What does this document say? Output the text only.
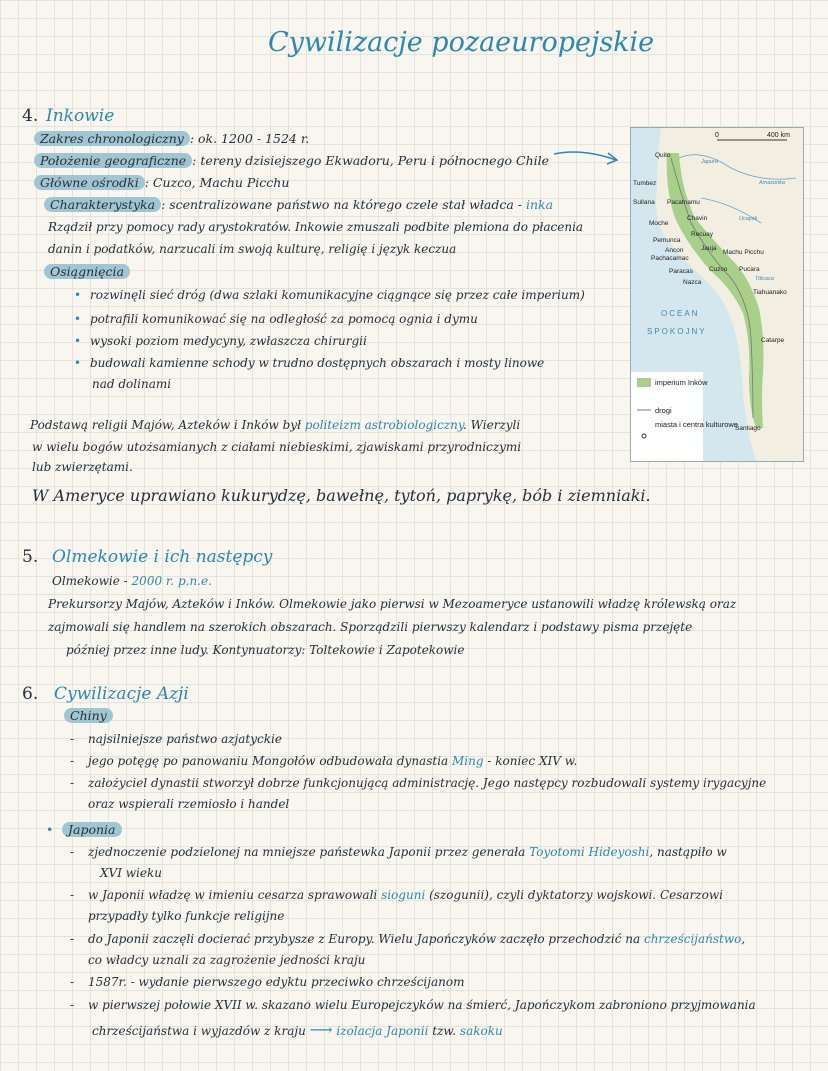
Cywilizacje pozaeuropejskie
4. Inkowie
Zakres chronologiczny : ok. 1200 - 1524 r.
Położenie geograficzne : tereny dzisiejszego Ekwadoru, Peru i północnego Chile
Główne ośrodki : Cuzco, Machu Picchu
Charakterystyka : scentralizowane państwo na którego czele stał władca - inka
Rządził przy pomocy rady arystokratów. Inkowie zmuszali podbite plemiona do płacenia
danin i podatków, narzucali im swoją kulturę, religię i język keczua
Osiągnięcia
• rozwinęli sieć dróg (dwa szlaki komunikacyjne ciągnące się przez całe imperium)
• potrafili komunikować się na odległość za pomocą ognia i dymu
• wysoki poziom medycyny, zwłaszcza chirurgii
• budowali kamienne schody w trudno dostępnych obszarach i mosty linowe
nad dolinami
Podstawą religii Majów, Azteków i Inków był politeizm astrobiologiczny. Wierzyli
w wielu bogów utożsamianych z ciałami niebieskimi, zjawiskami przyrodniczymi
lub zwierzętami.
W Ameryce uprawiano kukurydzę, bawełnę, tytoń, paprykę, bób i ziemniaki.
0	400 km
Quito
Tumbez
Sullana Pacatnamu
Moche
Chavin
Recuay
Pemunca
Jauja
Ancon
Pachacamac
Machu Picchu
Cuzco Pucara
Paracas
Nazca
Tiahuanako
Catarpe
Santiago
Amazonka
Ucayali
Japurá
Titicaca
OCEAN
SPOKOJNY
imperium Inków
drogi
miasta i centra kulturowe
5. Olmekowie i ich następcy
Olmekowie - 2000 r. p.n.e.
Prekursorzy Majów, Azteków i Inków. Olmekowie jako pierwsi w Mezoameryce ustanowili władzę królewską oraz
zajmowali się handlem na szerokich obszarach. Sporządzili pierwszy kalendarz i podstawy pisma przejęte
później przez inne ludy. Kontynuatorzy: Toltekowie i Zapotekowie
6. Cywilizacje Azji
Chiny
- najsilniejsze państwo azjatyckie
- jego potęgę po panowaniu Mongołów odbudowała dynastia Ming - koniec XIV w.
- założyciel dynastii stworzył dobrze funkcjonującą administrację. Jego następcy rozbudowali systemy irygacyjne
oraz wspierali rzemiosło i handel
• Japonia
- zjednoczenie podzielonej na mniejsze państewka Japonii przez generała Toyotomi Hideyoshi, nastąpiło w
XVI wieku
- w Japonii władzę w imieniu cesarza sprawowali sioguni (szogunii), czyli dyktatorzy wojskowi. Cesarzowi
przypadły tylko funkcje religijne
- do Japonii zaczęli docierać przybysze z Europy. Wielu Japończyków zaczęło przechodzić na chrześcijaństwo,
co władcy uznali za zagrożenie jedności kraju
- 1587r. - wydanie pierwszego edyktu przeciwko chrześcijanom
- w pierwszej połowie XVII w. skazano wielu Europejczyków na śmierć, Japończykom zabroniono przyjmowania
chrześcijaństwa i wyjazdów z kraju ⟶ izolacja Japonii tzw. sakoku
